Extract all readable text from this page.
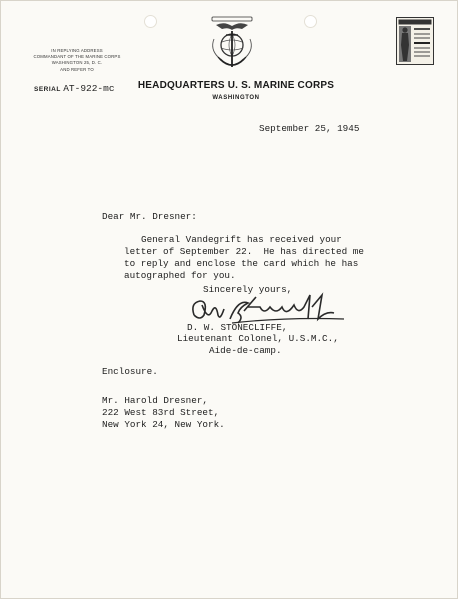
IN REPLYING ADDRESS
COMMANDANT OF THE MARINE CORPS
WASHINGTON 25, D. C.
AND REFER TO
SERIAL AT-922-mc	HEADQUARTERS U. S. MARINE CORPS
WASHINGTON
September 25, 1945
Dear Mr. Dresner:
General Vandegrift has received your
letter of September 22.  He has directed me
to reply and enclose the card which he has
autographed for you.
Sincerely yours,
D. W. STONECLIFFE,
Lieutenant Colonel, U.S.M.C.,
Aide-de-camp.
Enclosure.
Mr. Harold Dresner,
222 West 83rd Street,
New York 24, New York.
